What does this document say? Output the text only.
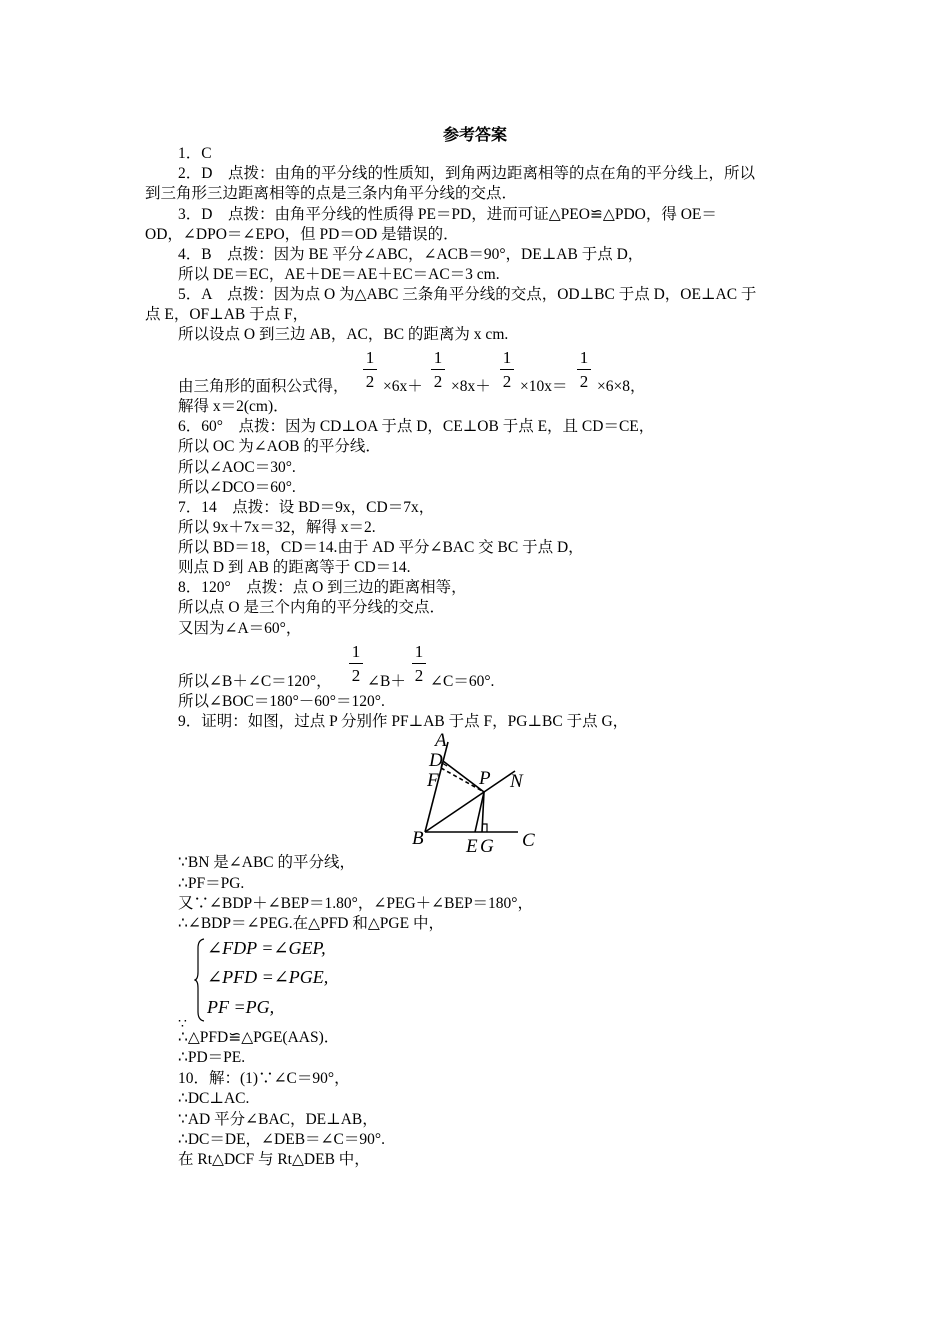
参考答案
1．C
2．D　点拨：由角的平分线的性质知，到角两边距离相等的点在角的平分线上，所以
到三角形三边距离相等的点是三条内角平分线的交点．
3．D　点拨：由角平分线的性质得 PE＝PD，进而可证△PEO≌△PDO，得 OE＝
OD，∠DPO＝∠EPO，但 PD＝OD 是错误的．
4．B　点拨：因为 BE 平分∠ABC，∠ACB＝90°，DE⊥AB 于点 D，
所以 DE＝EC，AE＋DE＝AE＋EC＝AC＝3 cm.
5．A　点拨：因为点 O 为△ABC 三条角平分线的交点，OD⊥BC 于点 D，OE⊥AC 于
点 E，OF⊥AB 于点 F，
所以设点 O 到三边 AB，AC，BC 的距离为 x cm.
由三角形的面积公式得，
1
2 ×6x＋
1
2 ×8x＋
1
2 ×10x＝
1
2 ×6×8，
解得 x＝2(cm)．
6．60°　点拨：因为 CD⊥OA 于点 D，CE⊥OB 于点 E，且 CD＝CE，
所以 OC 为∠AOB 的平分线．
所以∠AOC＝30°.
所以∠DCO＝60°.
7．14　点拨：设 BD＝9x，CD＝7x，
所以 9x＋7x＝32，解得 x＝2.
所以 BD＝18，CD＝14.由于 AD 平分∠BAC 交 BC 于点 D，
则点 D 到 AB 的距离等于 CD＝14.
8．120°　点拨：点 O 到三边的距离相等，
所以点 O 是三个内角的平分线的交点．
又因为∠A＝60°，
所以∠B＋∠C＝120°，
1
2 ∠B＋
1
2 ∠C＝60°.
所以∠BOC＝180°－60°＝120°.
9．证明：如图，过点 P 分别作 PF⊥AB 于点 F，PG⊥BC 于点 G，
A
D
F P N
B E G C
∵BN 是∠ABC 的平分线，
∴PF＝PG.
又∵∠BDP＋∠BEP＝1.80°，∠PEG＋∠BEP＝180°，
∴∠BDP＝∠PEG.在△PFD 和△PGE 中，
∠FDP =∠GEP,
∠PFD =∠PGE,
PF =PG,
∵
∴△PFD≌△PGE(AAS)．
∴PD＝PE.
10．解：(1)∵∠C＝90°，
∴DC⊥AC.
∵AD 平分∠BAC，DE⊥AB，
∴DC＝DE，∠DEB＝∠C＝90°.
在 Rt△DCF 与 Rt△DEB 中，
